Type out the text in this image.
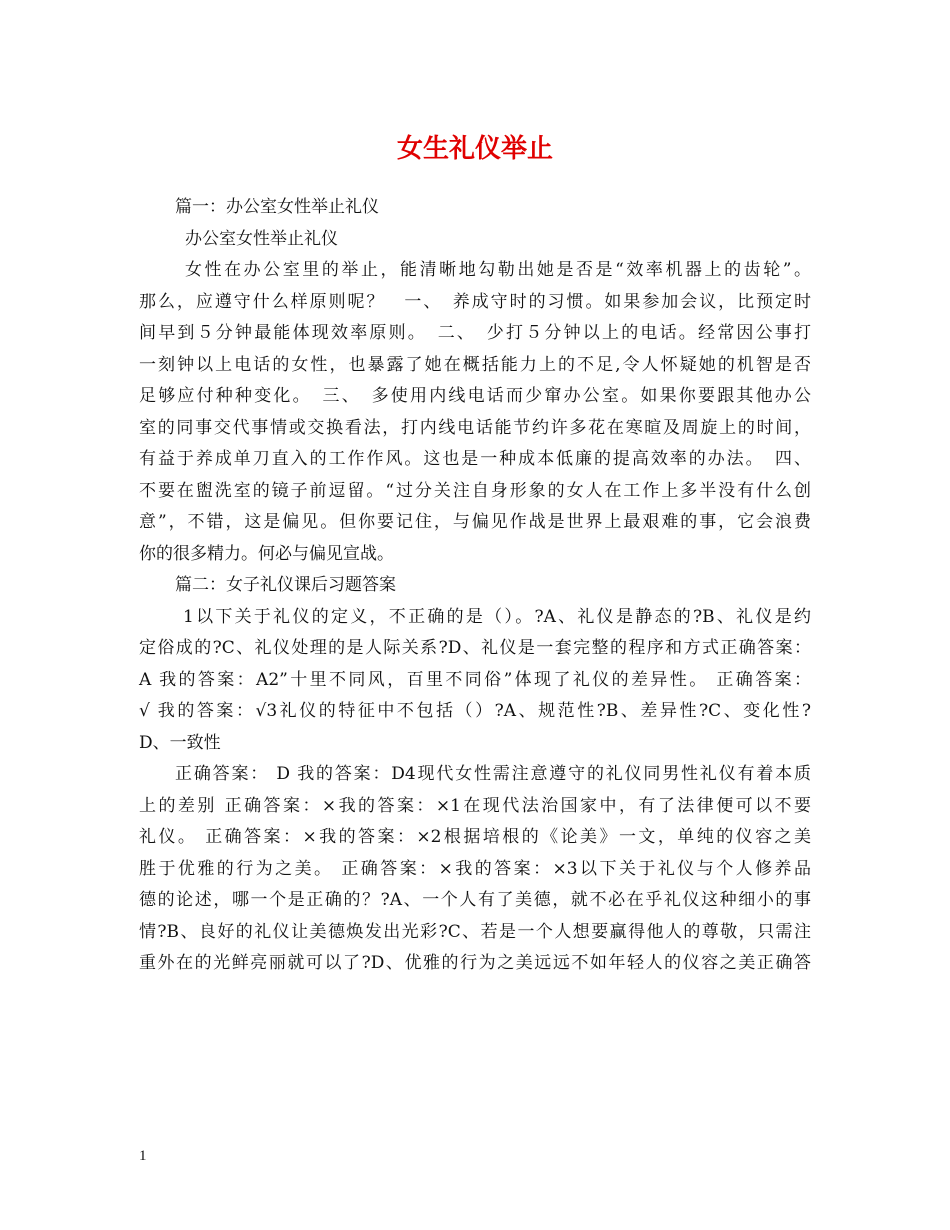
女生礼仪举止
篇一：办公室女性举止礼仪
办公室女性举止礼仪
女性在办公室里的举止，能清晰地勾勒出她是否是“效率机器上的齿轮”。
那么，应遵守什么样原则呢？　一、　养成守时的习惯。如果参加会议，比预定时
间早到５分钟最能体现效率原则。　二、　少打５分钟以上的电话。经常因公事打
一刻钟以上电话的女性，也暴露了她在概括能力上的不足,令人怀疑她的机智是否
足够应付种种变化。　三、　多使用内线电话而少窜办公室。如果你要跟其他办公
室的同事交代事情或交换看法，打内线电话能节约许多花在寒暄及周旋上的时间，
有益于养成单刀直入的工作作风。这也是一种成本低廉的提高效率的办法。　四、
不要在盥洗室的镜子前逗留。“过分关注自身形象的女人在工作上多半没有什么创
意”，不错，这是偏见。但你要记住，与偏见作战是世界上最艰难的事，它会浪费
你的很多精力。何必与偏见宣战。
篇二：女子礼仪课后习题答案
1以下关于礼仪的定义，不正确的是（）。?A、礼仪是静态的?B、礼仪是约
定俗成的?C、礼仪处理的是人际关系?D、礼仪是一套完整的程序和方式正确答案：
A 我的答案：A2”十里不同风，百里不同俗”体现了礼仪的差异性。 正确答案：
√ 我的答案：√3礼仪的特征中不包括（）?A、规范性?B、差异性?C、变化性?
D、一致性
正确答案： D 我的答案：D4现代女性需注意遵守的礼仪同男性礼仪有着本质
上的差别 正确答案：×我的答案：×1在现代法治国家中，有了法律便可以不要
礼仪。 正确答案：×我的答案：×2根据培根的《论美》一文，单纯的仪容之美
胜于优雅的行为之美。 正确答案：×我的答案：×3以下关于礼仪与个人修养品
德的论述，哪一个是正确的？?A、一个人有了美德，就不必在乎礼仪这种细小的事
情?B、良好的礼仪让美德焕发出光彩?C、若是一个人想要赢得他人的尊敬，只需注
重外在的光鲜亮丽就可以了?D、优雅的行为之美远远不如年轻人的仪容之美正确答
1
